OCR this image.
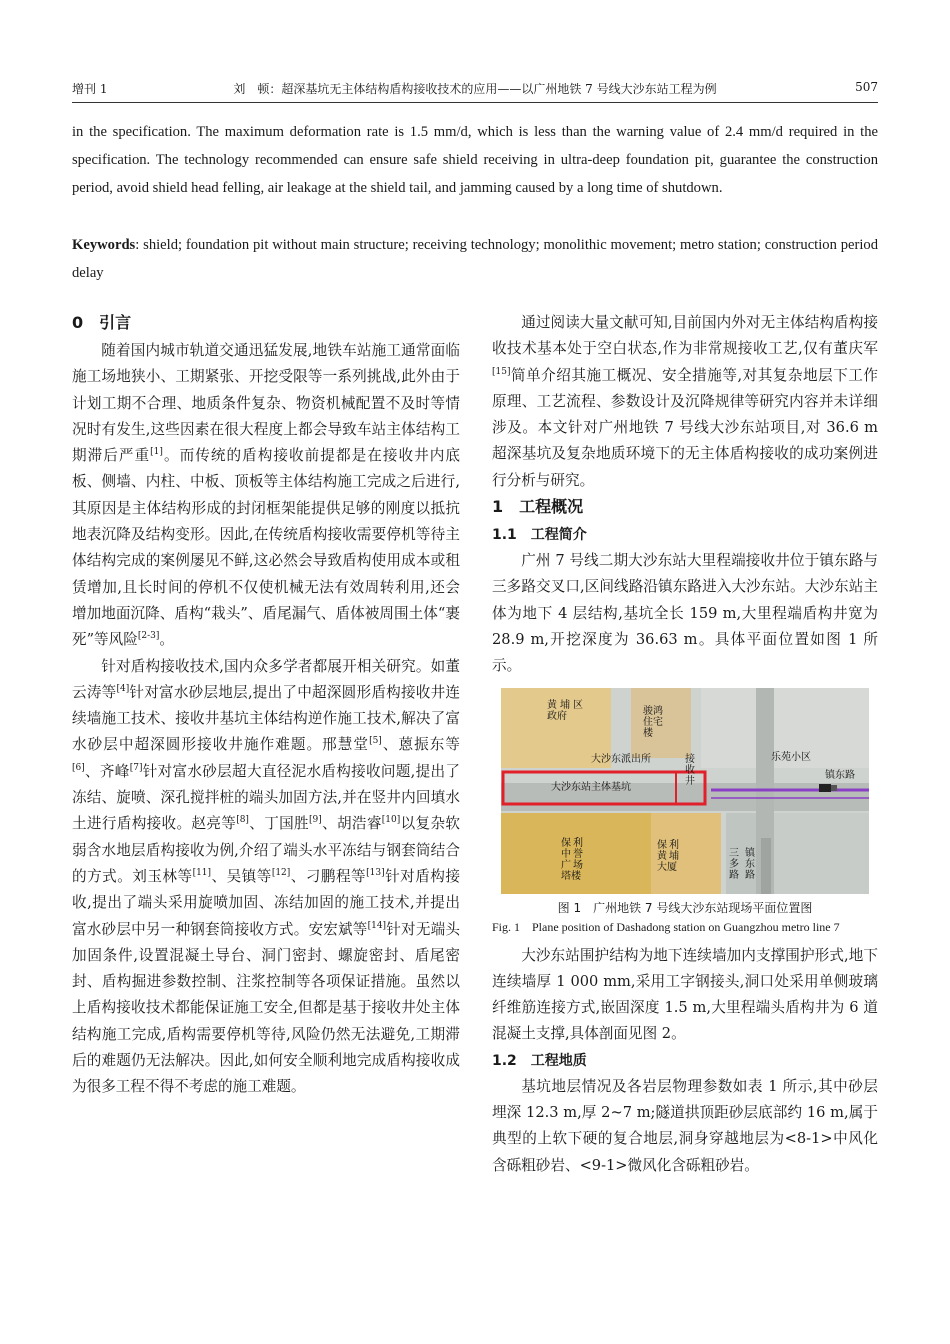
增刊 1	刘　顿：超深基坑无主体结构盾构接收技术的应用——以广州地铁 7 号线大沙东站工程为例	507
in the specification. The maximum deformation rate is 1.5 mm/d, which is less than the warning value of 2.4 mm/d required in the specification. The technology recommended can ensure safe shield receiving in ultra-deep foundation pit, guarantee the construction period, avoid shield head felling, air leakage at the shield tail, and jamming caused by a long time of shutdown.
Keywords: shield; foundation pit without main structure; receiving technology; monolithic movement; metro station; construction period delay
0　引言

随着国内城市轨道交通迅猛发展,地铁车站施工通常面临施工场地狭小、工期紧张、开挖受限等一系列挑战,此外由于计划工期不合理、地质条件复杂、物资机械配置不及时等情况时有发生,这些因素在很大程度上都会导致车站主体结构工期滞后严重[1]。而传统的盾构接收前提都是在接收井内底板、侧墙、内柱、中板、顶板等主体结构施工完成之后进行,其原因是主体结构形成的封闭框架能提供足够的刚度以抵抗地表沉降及结构变形。因此,在传统盾构接收需要停机等待主体结构完成的案例屡见不鲜,这必然会导致盾构使用成本或租赁增加,且长时间的停机不仅使机械无法有效周转利用,还会增加地面沉降、盾构“栽头”、盾尾漏气、盾体被周围土体“裹死”等风险[2-3]。

针对盾构接收技术,国内众多学者都展开相关研究。如董云涛等[4]针对富水砂层地层,提出了中超深圆形盾构接收井连续墙施工技术、接收井基坑主体结构逆作施工技术,解决了富水砂层中超深圆形接收井施作难题。邢慧堂[5]、蒽振东等[6]、齐峰[7]针对富水砂层超大直径泥水盾构接收问题,提出了冻结、旋喷、深孔搅拌桩的端头加固方法,并在竖井内回填水土进行盾构接收。赵亮等[8]、丁国胜[9]、胡浩睿[10]以复杂软弱含水地层盾构接收为例,介绍了端头水平冻结与钢套筒结合的方式。刘玉林等[11]、吴镇等[12]、刁鹏程等[13]针对盾构接收,提出了端头采用旋喷加固、冻结加固的施工技术,并提出富水砂层中另一种钢套筒接收方式。安宏斌等[14]针对无端头加固条件,设置混凝土导台、洞门密封、螺旋密封、盾尾密封、盾构掘进参数控制、注浆控制等各项保证措施。虽然以上盾构接收技术都能保证施工安全,但都是基于接收井处主体结构施工完成,盾构需要停机等待,风险仍然无法避免,工期滞后的难题仍无法解决。因此,如何安全顺利地完成盾构接收成为很多工程不得不考虑的施工难题。

通过阅读大量文献可知,目前国内外对无主体结构盾构接收技术基本处于空白状态,作为非常规接收工艺,仅有董庆军[15]简单介绍其施工概况、安全措施等,对其复杂地层下工作原理、工艺流程、参数设计及沉降规律等研究内容并未详细涉及。本文针对广州地铁 7 号线大沙东站项目,对 36.6 m 超深基坑及复杂地质环境下的无主体盾构接收的成功案例进行分析与研究。

1　工程概况
1.1　工程简介

广州 7 号线二期大沙东站大里程端接收井位于镇东路与三多路交叉口,区间线路沿镇东路进入大沙东站。大沙东站主体为地下 4 层结构,基坑全长 159 m,大里程端盾构井宽为 28.9 m,开挖深度为 36.63 m。具体平面位置如图 1 所示。

黄埔区政府	骏鸿住宅楼
大沙东派出所	乐苑小区
大沙东站主体基坑
接收井
镇东路
保利中誉广场塔楼
保利黄埔大厦
三多路
镇东路
图 1　广州地铁 7 号线大沙东站现场平面位置图
Fig. 1　Plane position of Dashadong station on Guangzhou metro line 7

大沙东站围护结构为地下连续墙加内支撑围护形式,地下连续墙厚 1 000 mm,采用工字钢接头,洞口处采用单侧玻璃纤维筋连接方式,嵌固深度 1.5 m,大里程端头盾构井为 6 道混凝土支撑,具体剖面见图 2。

1.2　工程地质

基坑地层情况及各岩层物理参数如表 1 所示,其中砂层埋深 12.3 m,厚 2~7 m;隧道拱顶距砂层底部约 16 m,属于典型的上软下硬的复合地层,洞身穿越地层为<8-1>中风化含砾粗砂岩、<9-1>微风化含砾粗砂岩。
